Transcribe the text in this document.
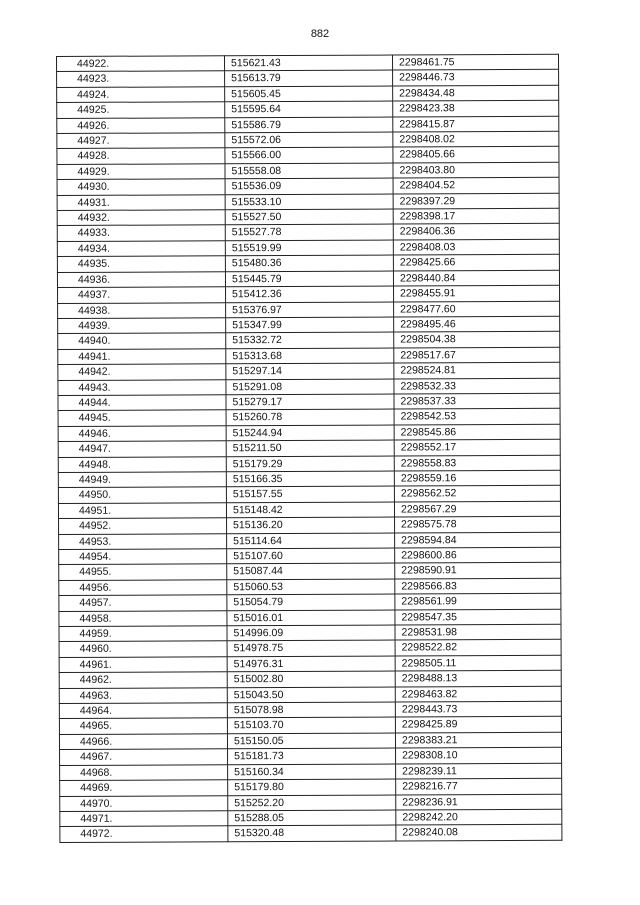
882
44922.	515621.43	2298461.75
44923.	515613.79	2298446.73
44924.	515605.45	2298434.48
44925.	515595.64	2298423.38
44926.	515586.79	2298415.87
44927.	515572.06	2298408.02
44928.	515566.00	2298405.66
44929.	515558.08	2298403.80
44930.	515536.09	2298404.52
44931.	515533.10	2298397.29
44932.	515527.50	2298398.17
44933.	515527.78	2298406.36
44934.	515519.99	2298408.03
44935.	515480.36	2298425.66
44936.	515445.79	2298440.84
44937.	515412.36	2298455.91
44938.	515376.97	2298477.60
44939.	515347.99	2298495.46
44940.	515332.72	2298504.38
44941.	515313.68	2298517.67
44942.	515297.14	2298524.81
44943.	515291.08	2298532.33
44944.	515279.17	2298537.33
44945.	515260.78	2298542.53
44946.	515244.94	2298545.86
44947.	515211.50	2298552.17
44948.	515179.29	2298558.83
44949.	515166.35	2298559.16
44950.	515157.55	2298562.52
44951.	515148.42	2298567.29
44952.	515136.20	2298575.78
44953.	515114.64	2298594.84
44954.	515107.60	2298600.86
44955.	515087.44	2298590.91
44956.	515060.53	2298566.83
44957.	515054.79	2298561.99
44958.	515016.01	2298547.35
44959.	514996.09	2298531.98
44960.	514978.75	2298522.82
44961.	514976.31	2298505.11
44962.	515002.80	2298488.13
44963.	515043.50	2298463.82
44964.	515078.98	2298443.73
44965.	515103.70	2298425.89
44966.	515150.05	2298383.21
44967.	515181.73	2298308.10
44968.	515160.34	2298239.11
44969.	515179.80	2298216.77
44970.	515252.20	2298236.91
44971.	515288.05	2298242.20
44972.	515320.48	2298240.08
